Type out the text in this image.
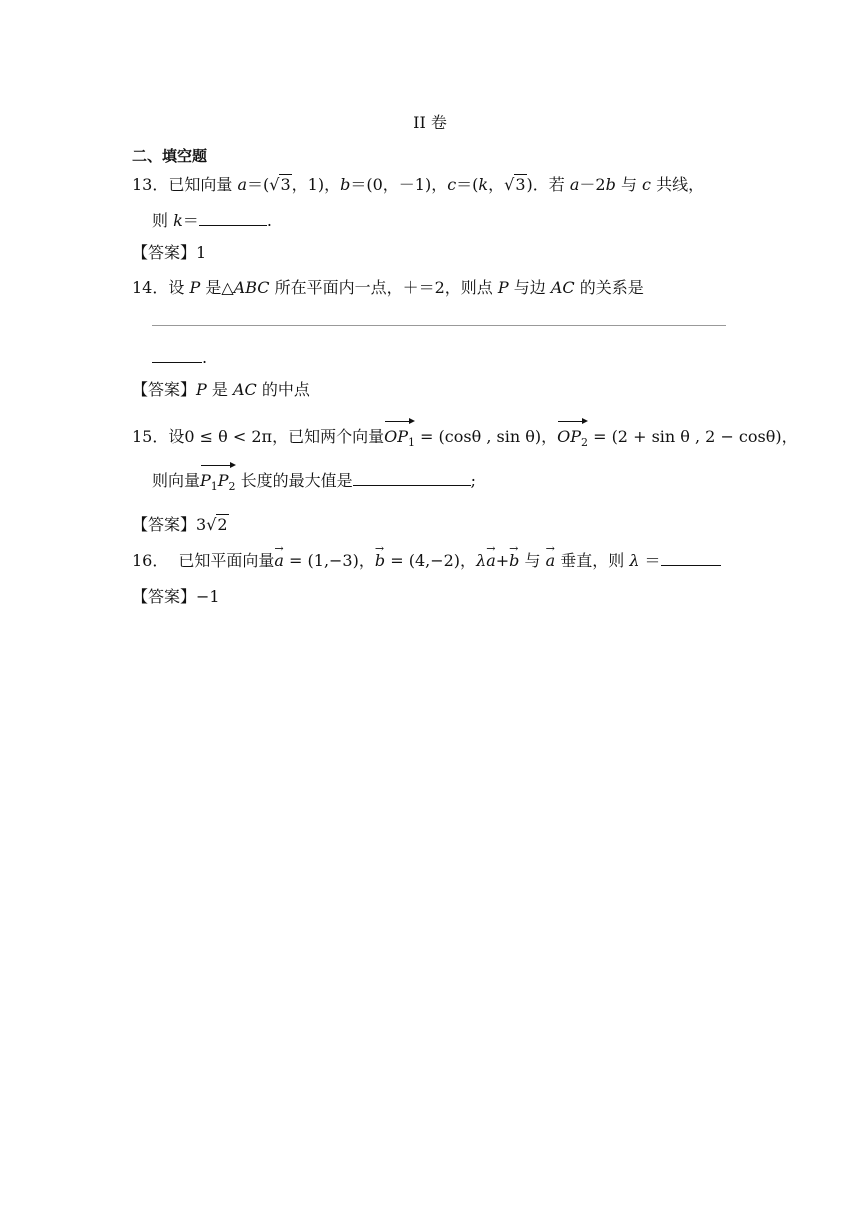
II 卷
二、填空题
13．已知向量 a＝(√3，1)，b＝(0，－1)，c＝(k，√3)．若 a－2b 与 c 共线，
则 k＝	.
【答案】1
14．设 P 是△ABC 所在平面内一点，＋＝2，则点 P 与边 AC 的关系是
.
【答案】P 是 AC 的中点
15．设0 ≤ θ < 2π，已知两个向量
$OP_1 = (\cos\theta$ , sin θ)，
$OP_2 = (2 + \sin \theta$ , 2 − cosθ)，
则向量
$P_1P_2$ 长度的最大值是	;
【答案】3√2
16． 已知平面向量→ a = (1,−3)，→ b = (4,−2)，λ→ a+→ b 与 → a 垂直，则 λ ＝
【答案】−1
